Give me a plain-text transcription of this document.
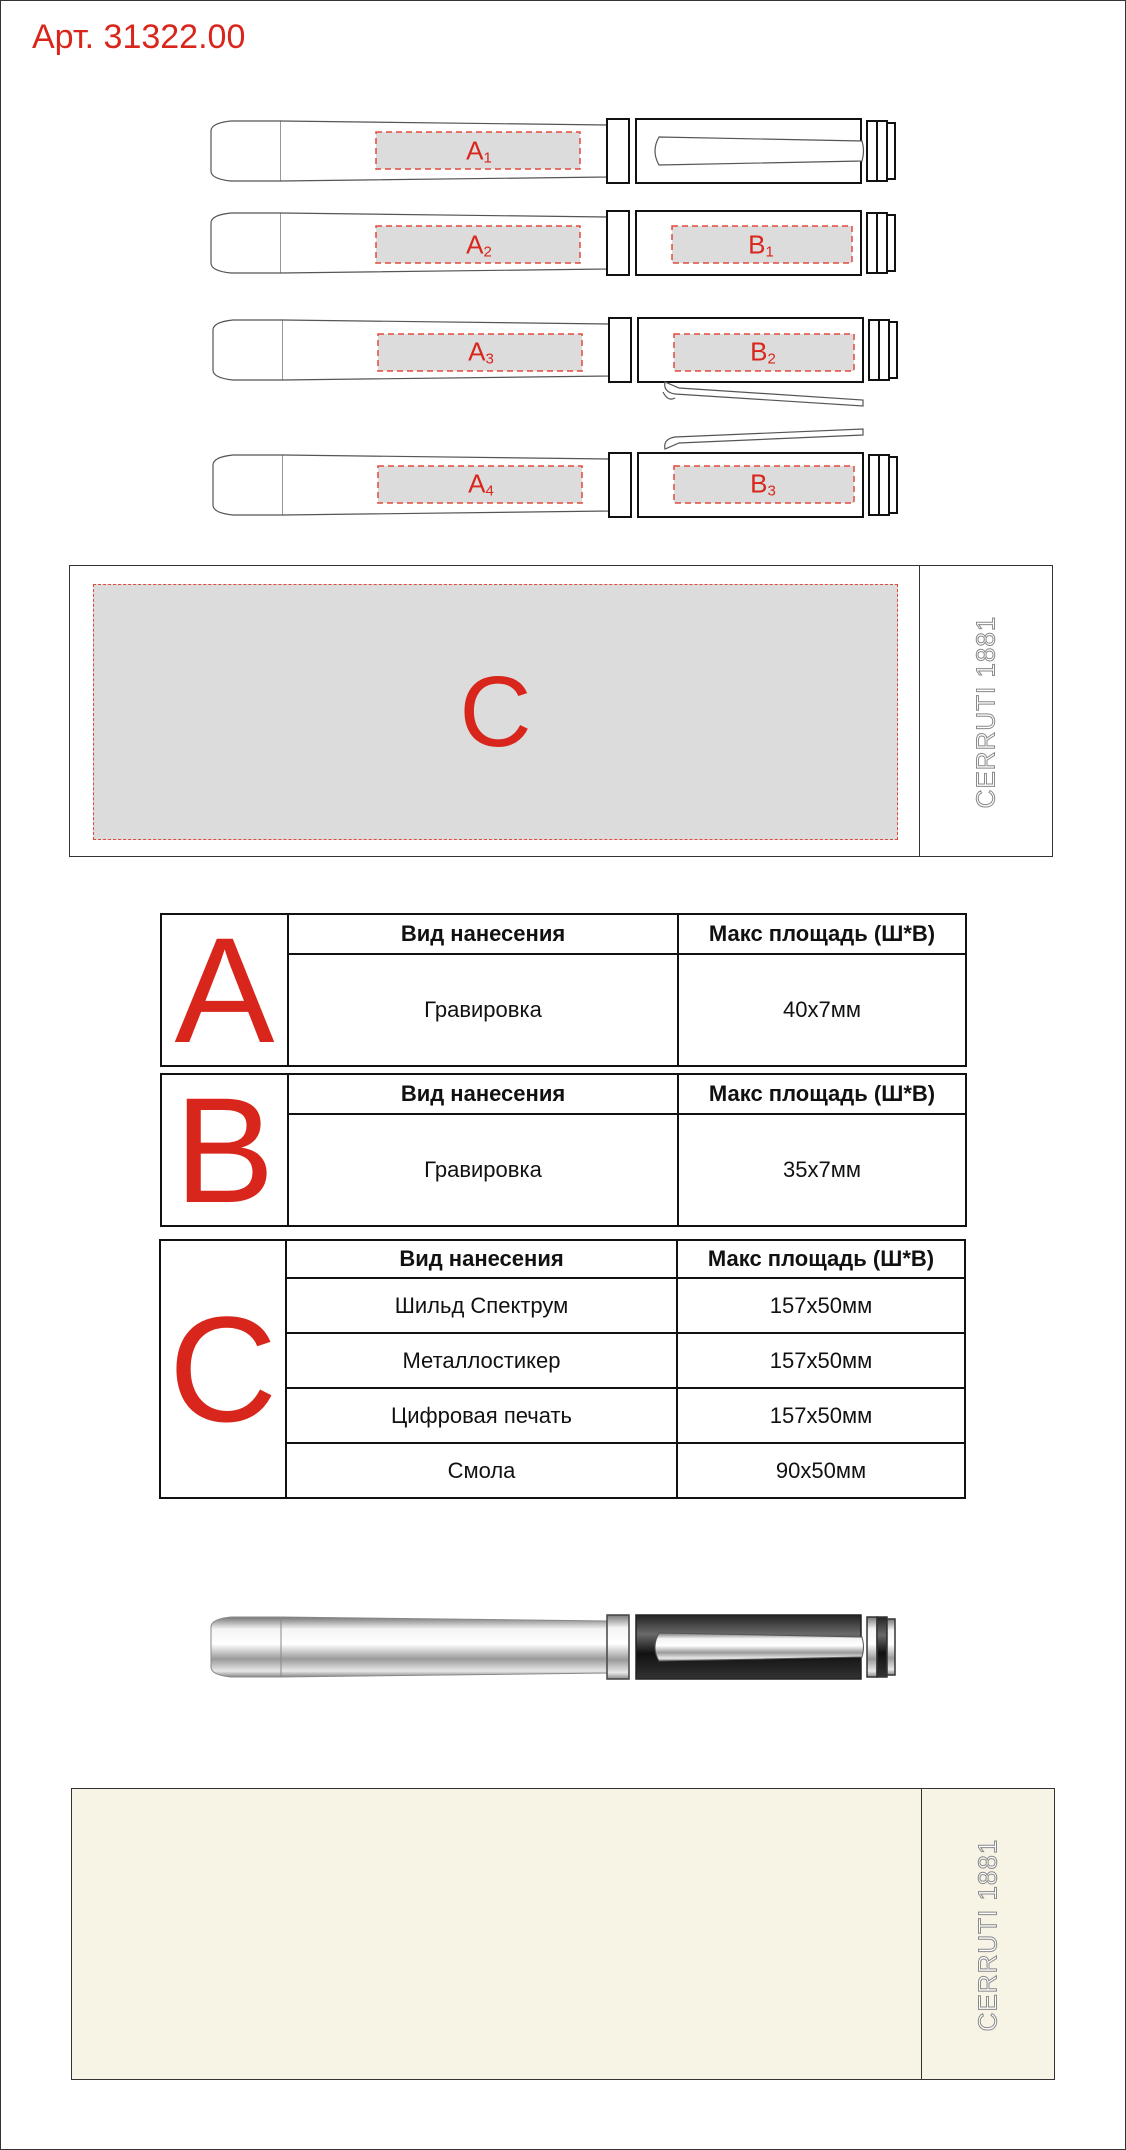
Арт. 31322.00
$A_1$
$A_2$	$B_1$
$A_3$	$B_2$
$A_4$	$B_3$
C	CERRUTI 1881
A	Вид нанесения	Макс площадь (Ш*В)
	Гравировка	40x7мм
B	Вид нанесения	Макс площадь (Ш*В)
	Гравировка	35x7мм
C	Вид нанесения	Макс площадь (Ш*В)
	Шильд Спектрум	157x50мм
	Металлостикер	157x50мм
	Цифровая печать	157x50мм
	Смола	90x50мм
CERRUTI 1881
